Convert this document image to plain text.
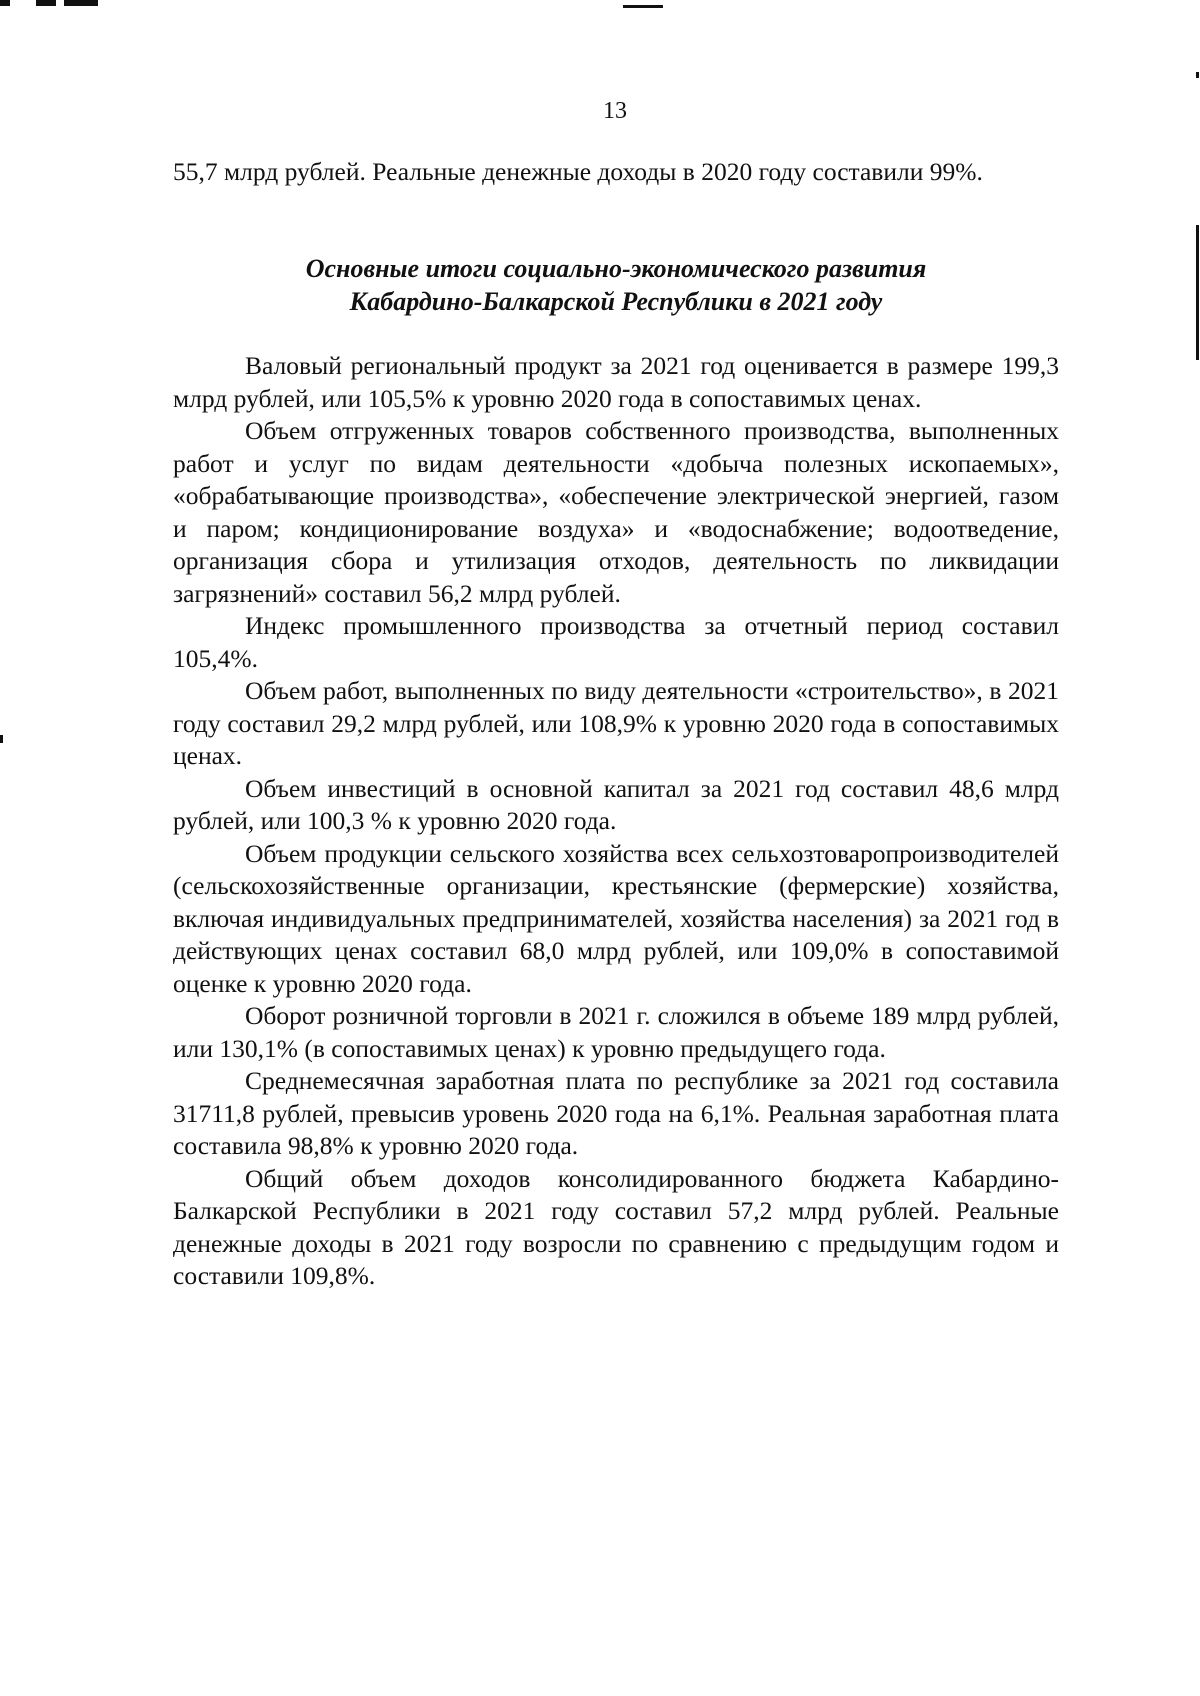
13
55,7 млрд рублей. Реальные денежные доходы в 2020 году составили 99%.
Основные итоги социально-экономического развития
Кабардино-Балкарской Республики в 2021 году

Валовый региональный продукт за 2021 год оценивается в размере 199,3 млрд рублей, или 105,5% к уровню 2020 года в сопоставимых ценах.

Объем отгруженных товаров собственного производства, выполненных работ и услуг по видам деятельности «добыча полезных ископаемых», «обрабатывающие производства», «обеспечение электрической энергией, газом и паром; кондиционирование воздуха» и «водоснабжение; водоотведение, организация сбора и утилизация отходов, деятельность по ликвидации загрязнений» составил 56,2 млрд рублей.

Индекс промышленного производства за отчетный период составил 105,4%.

Объем работ, выполненных по виду деятельности «строительство», в 2021 году составил 29,2 млрд рублей, или 108,9% к уровню 2020 года в сопоставимых ценах.

Объем инвестиций в основной капитал за 2021 год составил 48,6 млрд рублей, или 100,3 % к уровню 2020 года.

Объем продукции сельского хозяйства всех сельхозтоваропроизводителей (сельскохозяйственные организации, крестьянские (фермерские) хозяйства, включая индивидуальных предпринимателей, хозяйства населения) за 2021 год в действующих ценах составил 68,0 млрд рублей, или 109,0% в сопоставимой оценке к уровню 2020 года.

Оборот розничной торговли в 2021 г. сложился в объеме 189 млрд рублей, или 130,1% (в сопоставимых ценах) к уровню предыдущего года.

Среднемесячная заработная плата по республике за 2021 год составила 31711,8 рублей, превысив уровень 2020 года на 6,1%. Реальная заработная плата составила 98,8% к уровню 2020 года.

Общий объем доходов консолидированного бюджета Кабардино-Балкарской Республики в 2021 году составил 57,2 млрд рублей. Реальные денежные доходы в 2021 году возросли по сравнению с предыдущим годом и составили 109,8%.
